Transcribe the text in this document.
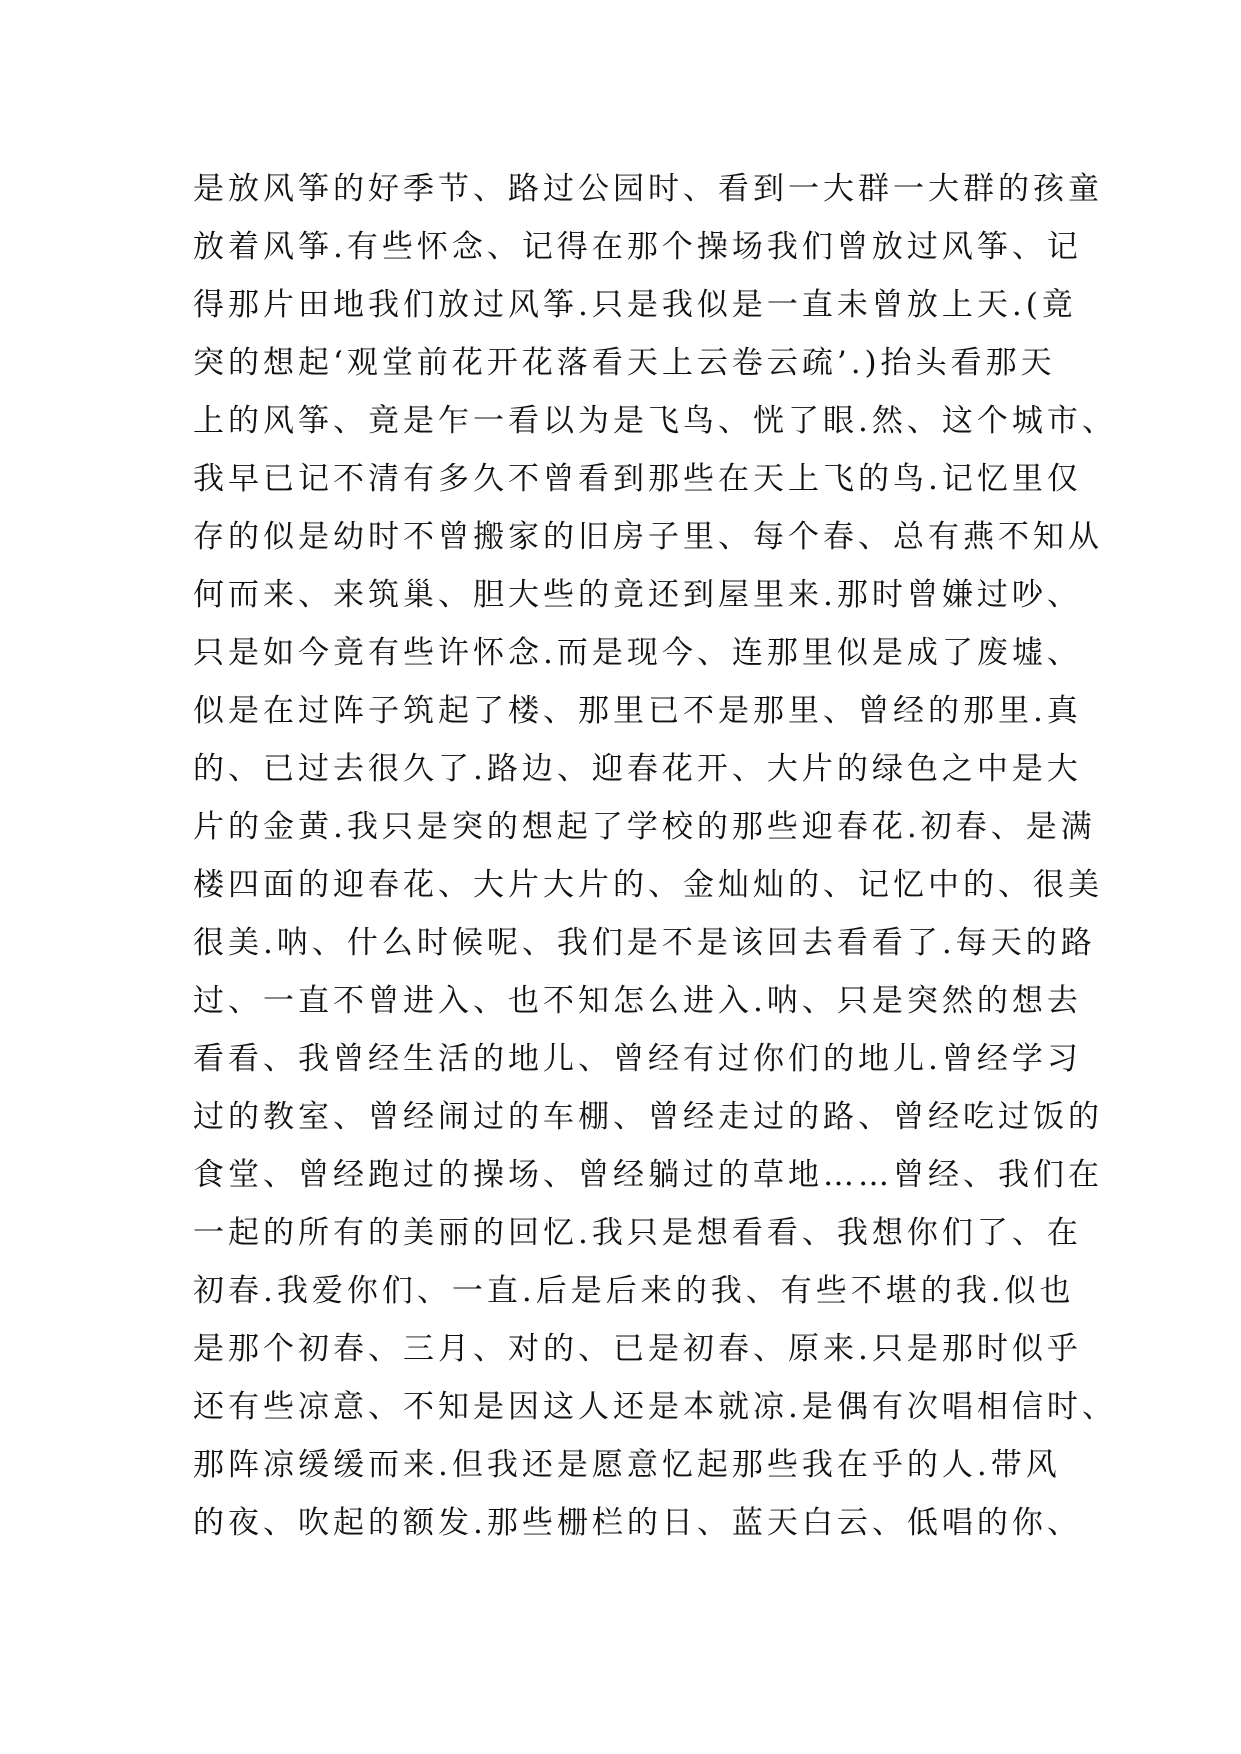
是放风筝的好季节、路过公园时、看到一大群一大群的孩童
放着风筝.有些怀念、记得在那个操场我们曾放过风筝、记
得那片田地我们放过风筝.只是我似是一直未曾放上天.(竟
突的想起‘观堂前花开花落看天上云卷云疏’.)抬头看那天
上的风筝、竟是乍一看以为是飞鸟、恍了眼.然、这个城市、
我早已记不清有多久不曾看到那些在天上飞的鸟.记忆里仅
存的似是幼时不曾搬家的旧房子里、每个春、总有燕不知从
何而来、来筑巢、胆大些的竟还到屋里来.那时曾嫌过吵、
只是如今竟有些许怀念.而是现今、连那里似是成了废墟、
似是在过阵子筑起了楼、那里已不是那里、曾经的那里.真
的、已过去很久了.路边、迎春花开、大片的绿色之中是大
片的金黄.我只是突的想起了学校的那些迎春花.初春、是满
楼四面的迎春花、大片大片的、金灿灿的、记忆中的、很美
很美.呐、什么时候呢、我们是不是该回去看看了.每天的路
过、一直不曾进入、也不知怎么进入.呐、只是突然的想去
看看、我曾经生活的地儿、曾经有过你们的地儿.曾经学习
过的教室、曾经闹过的车棚、曾经走过的路、曾经吃过饭的
食堂、曾经跑过的操场、曾经躺过的草地……曾经、我们在
一起的所有的美丽的回忆.我只是想看看、我想你们了、在
初春.我爱你们、一直.后是后来的我、有些不堪的我.似也
是那个初春、三月、对的、已是初春、原来.只是那时似乎
还有些凉意、不知是因这人还是本就凉.是偶有次唱相信时、
那阵凉缓缓而来.但我还是愿意忆起那些我在乎的人.带风
的夜、吹起的额发.那些栅栏的日、蓝天白云、低唱的你、
